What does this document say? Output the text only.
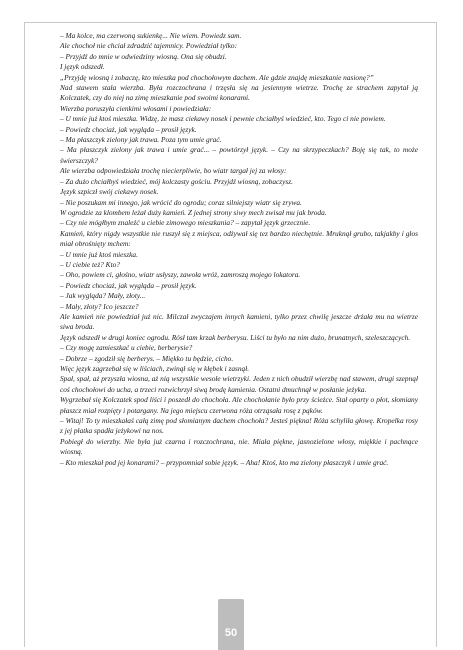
– Ma kolce, ma czerwoną sukienkę... Nie wiem. Powiedz sam.

Ale chochoł nie chciał zdradzić tajemnicy. Powiedział tylko:

– Przyjdź do mnie w odwiedziny wiosną. Ona się obudzi.

I język odszedł.

„Przyjdę wiosną i zobaczę, kto mieszka pod chochołowym dachem. Ale gdzie znajdę mieszkanie nasionę?”

Nad stawem stała wierzba. Była rozczochrana i trzęsła się na jesiennym wietrze. Trochę ze strachem zapytał ją Kolczatek, czy do niej na zimę mieszkanie pod swoimi konarami.

Wierzba poruszyła cienkimi włosami i powiedziała:

– U mnie już ktoś mieszka. Widzę, że masz ciekawy nosek i pewnie chciałbyś wiedzieć, kto. Tego ci nie powiem.

– Powiedz chociaż, jak wygląda – prosił język.

– Ma płaszczyk zielony jak trawa. Poza tym umie grać.

– Ma płaszczyk zielony jak trawa i umie grać... – powtórzył język. – Czy na skrzypeczkach? Boję się tak, to może świerszczyk?

Ale wierzba odpowiedziała trochę niecierpliwie, bo wiatr targał jej za włosy:

– Za dużo chciałbyś wiedzieć, mój kolczasty gościu. Przyjdź wiosną, zobaczysz.

Język szpiczł swój ciekawy nosek.

– Nie poszukam mi innego, jak wrócić do ogrodu; coraz silniejszy wiatr się zrywa.

W ogrodzie za klombem leżał duży kamień. Z jednej strony siwy mech zwisał mu jak broda.

– Czy nie mógłbym znaleźć u ciebie zimowego mieszkania? – zapytał język grzecznie.

Kamień, który nigdy wszystkie nie ruszył się z miejsca, odżywał się tez bardzo niechętnie. Mruknął grubo, takjakby i głos miał obrośnięty mchem:

– U mnie już ktoś mieszka.

– U ciebie też? Kto?

– Oho, powiem ci, głośno, wiatr usłyszy, zawoła wróż, zamroszą mojego lokatora.

– Powiedz chociaż, jak wygląda – prosił język.

– Jak wygląda? Mały, złoty...

– Mały, złoty? Ico jeszcze?

Ale kamień nie powiedział już nic. Milczał zwyczajem innych kamieni, tylko przez chwilę jeszcze drżała mu na wietrze siwa broda.

Język odszedł w drugi koniec ogrodu. Rósł tam krzak berberysu. Liści tu było na nim dużo, brunatnych, szeleszczących.

– Czy mogę zamieszkać u ciebie, berberysie?

– Dobrze – zgodził się berberys. – Miękko tu będzie, cicho.

Więc język zagrzebał się w liściach, zwinął się w kłębek i zasnął.

Spał, spał, aż przyszła wiosna, aż nią wszystkie wesołe wietrzyki. Jeden z nich obudził wierzbę nad stawem, drugi szepnął coś chochołowi do ucha, a trzeci rozwichrzył siwą brodę kamienia. Ostatni dmuchnął w posłanie jeżyka.

Wygrzebał się Kolczatek spod liści i poszedł do chochoła. Ale chochołanie było przy ścieżce. Stał oparty o płot, słomiany płaszcz miał rozpięty i potargany. Na jego miejscu czerwona róża otrząsała rosę z pąków.

– Witaj! To ty mieszkałaś całą zimę pod słomianym dachem chochoła? Jesteś piękna! Róża schyliła głowę. Kropelka rosy z jej płatka spadła jeżykowi na nos.

Pobiegł do wierzby. Nie była już czarna i rozczochrana, nie. Miała piękne, jasnozielone włosy, miękkie i pachnące wiosną.

– Kto mieszkał pod jej konarami? – przypomniał sobie język. – Aha! Ktoś, kto ma zielony płaszczyk i umie grać.

50
